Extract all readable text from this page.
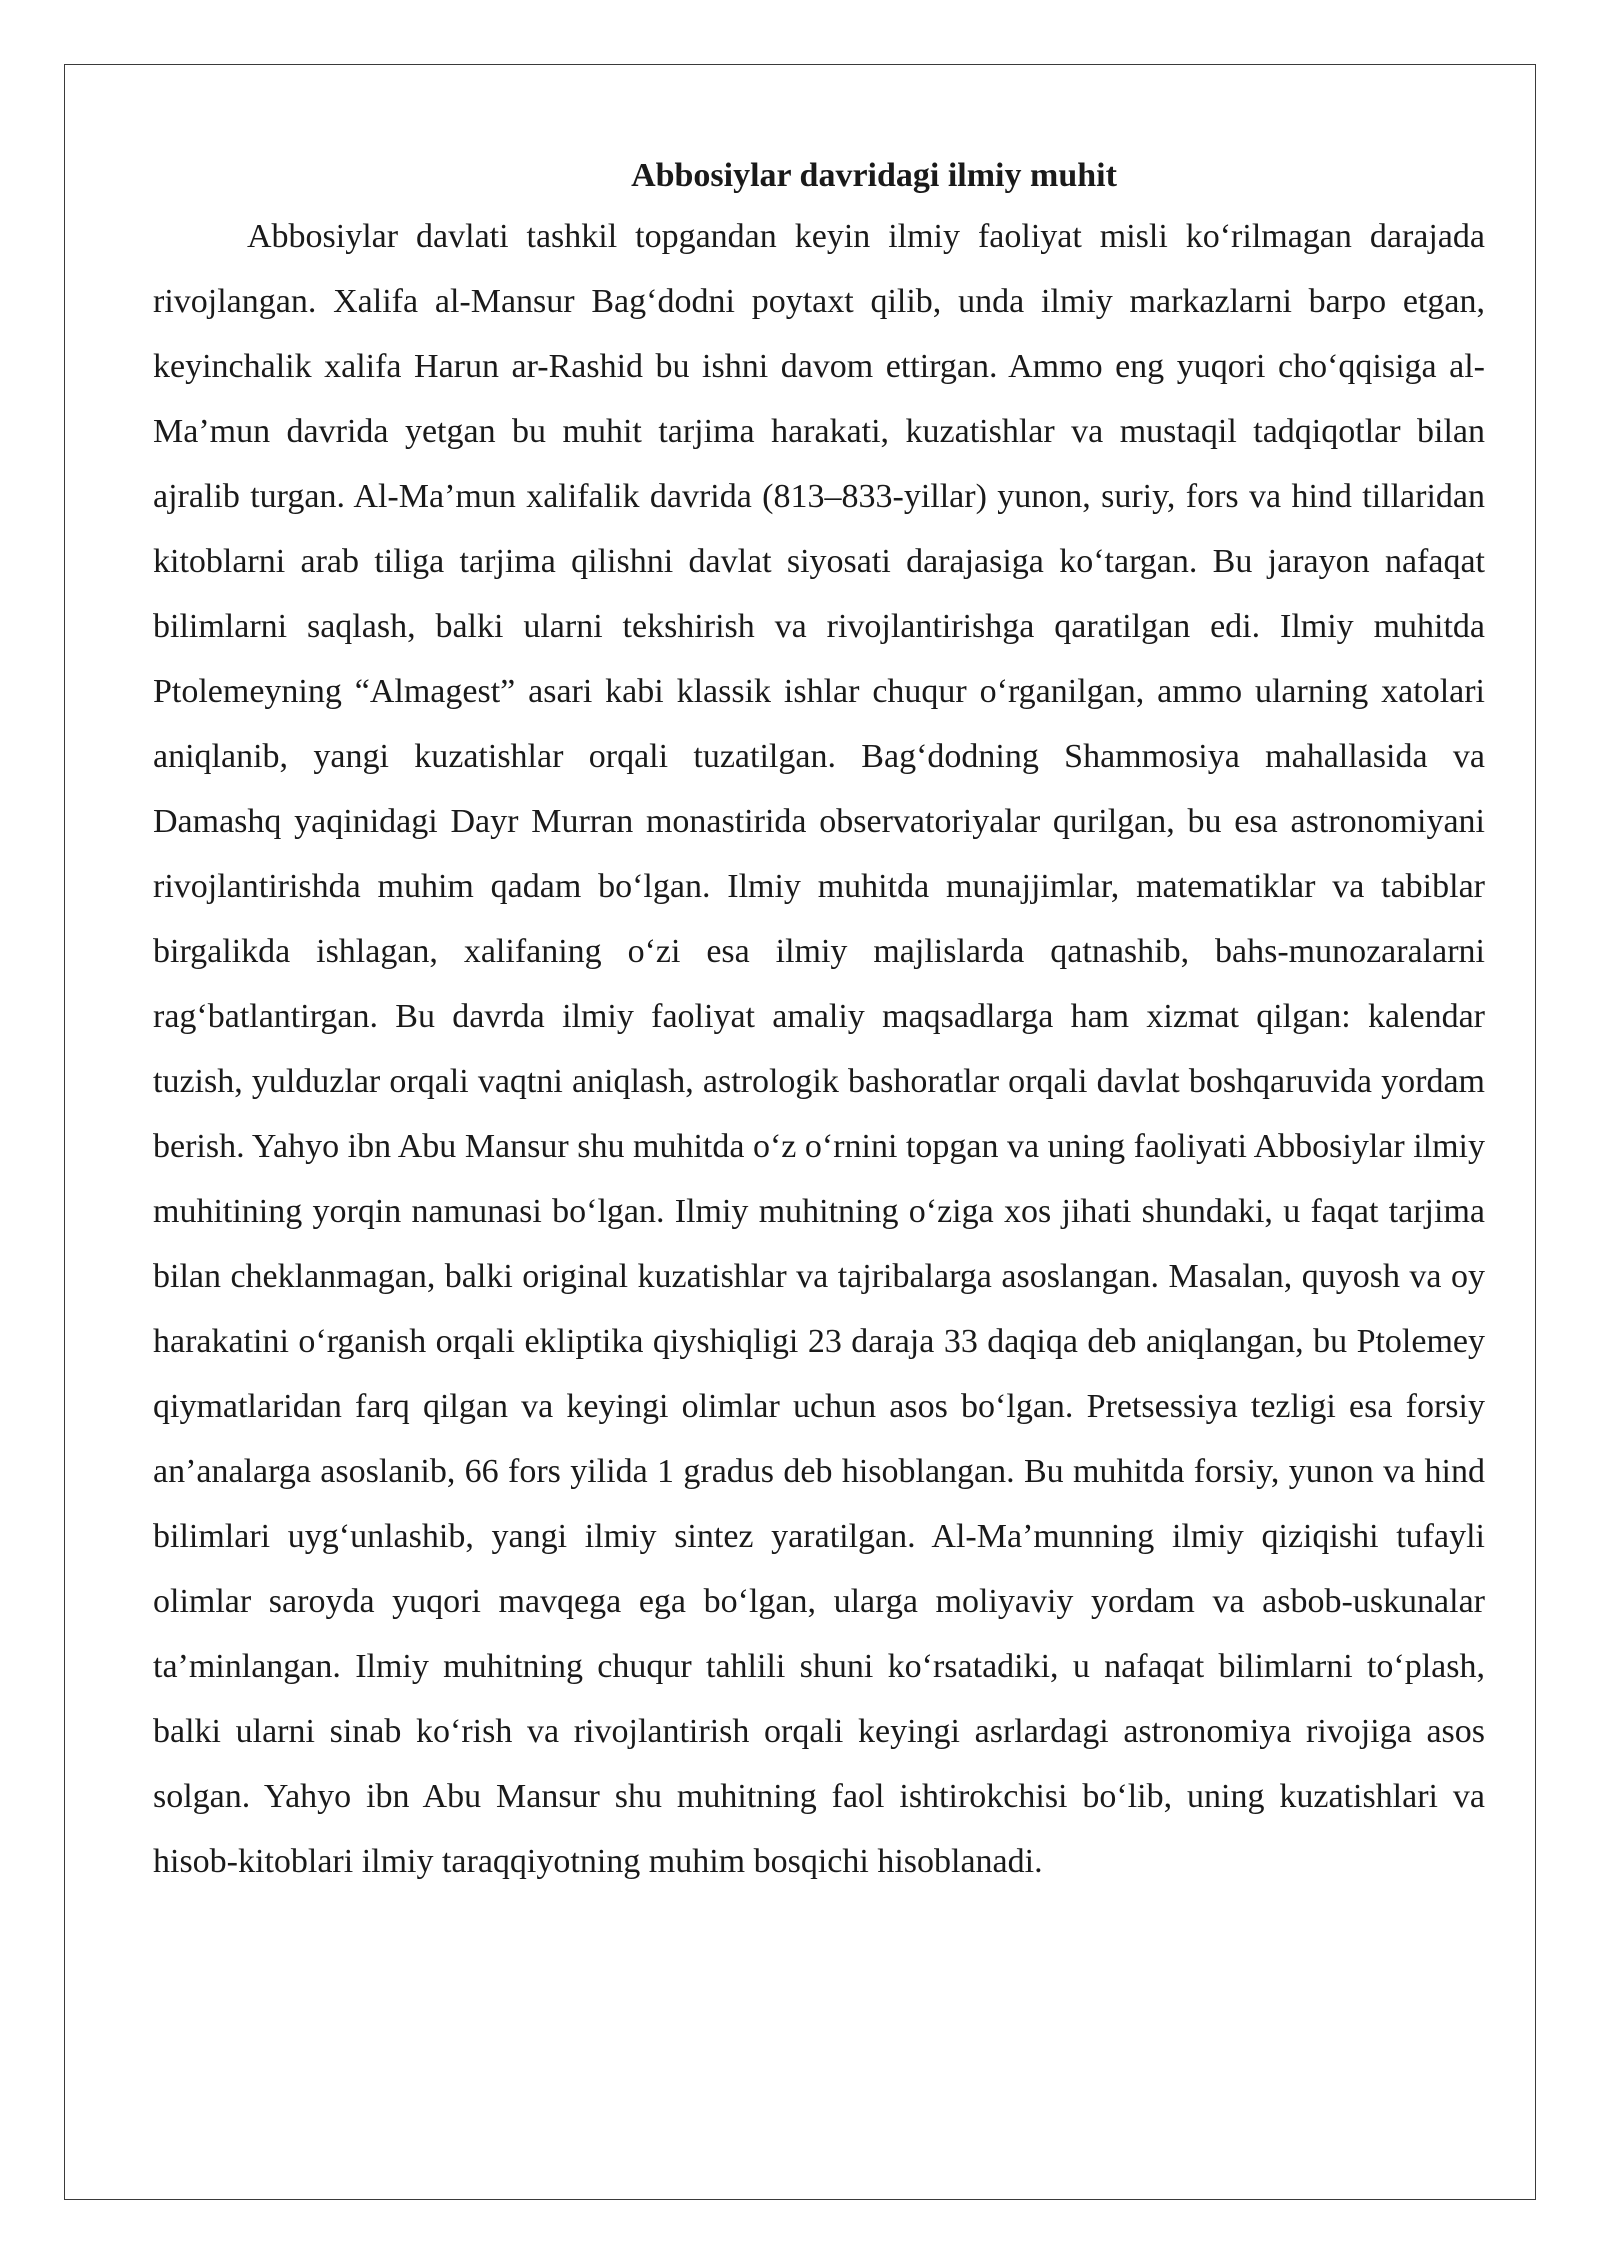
Abbosiylar davridagi ilmiy muhit

Abbosiylar davlati tashkil topgandan keyin ilmiy faoliyat misli ko‘rilmagan darajada rivojlangan. Xalifa al-Mansur Bag‘dodni poytaxt qilib, unda ilmiy markazlarni barpo etgan, keyinchalik xalifa Harun ar-Rashid bu ishni davom ettirgan. Ammo eng yuqori cho‘qqisiga al-Ma’mun davrida yetgan bu muhit tarjima harakati, kuzatishlar va mustaqil tadqiqotlar bilan ajralib turgan. Al-Ma’mun xalifalik davrida (813–833-yillar) yunon, suriy, fors va hind tillaridan kitoblarni arab tiliga tarjima qilishni davlat siyosati darajasiga ko‘targan. Bu jarayon nafaqat bilimlarni saqlash, balki ularni tekshirish va rivojlantirishga qaratilgan edi. Ilmiy muhitda Ptolemeyning “Almagest” asari kabi klassik ishlar chuqur o‘rganilgan, ammo ularning xatolari aniqlanib, yangi kuzatishlar orqali tuzatilgan. Bag‘dodning Shammosiya mahallasida va Damashq yaqinidagi Dayr Murran monastirida observatoriyalar qurilgan, bu esa astronomiyani rivojlantirishda muhim qadam bo‘lgan. Ilmiy muhitda munajjimlar, matematiklar va tabiblar birgalikda ishlagan, xalifaning o‘zi esa ilmiy majlislarda qatnashib, bahs-munozaralarni rag‘batlantirgan. Bu davrda ilmiy faoliyat amaliy maqsadlarga ham xizmat qilgan: kalendar tuzish, yulduzlar orqali vaqtni aniqlash, astrologik bashoratlar orqali davlat boshqaruvida yordam berish. Yahyo ibn Abu Mansur shu muhitda o‘z o‘rnini topgan va uning faoliyati Abbosiylar ilmiy muhitining yorqin namunasi bo‘lgan. Ilmiy muhitning o‘ziga xos jihati shundaki, u faqat tarjima bilan cheklanmagan, balki original kuzatishlar va tajribalarga asoslangan. Masalan, quyosh va oy harakatini o‘rganish orqali ekliptika qiyshiqligi 23 daraja 33 daqiqa deb aniqlangan, bu Ptolemey qiymatlaridan farq qilgan va keyingi olimlar uchun asos bo‘lgan. Pretsessiya tezligi esa forsiy an’analarga asoslanib, 66 fors yilida 1 gradus deb hisoblangan. Bu muhitda forsiy, yunon va hind bilimlari uyg‘unlashib, yangi ilmiy sintez yaratilgan. Al-Ma’munning ilmiy qiziqishi tufayli olimlar saroyda yuqori mavqega ega bo‘lgan, ularga moliyaviy yordam va asbob-uskunalar ta’minlangan. Ilmiy muhitning chuqur tahlili shuni ko‘rsatadiki, u nafaqat bilimlarni to‘plash, balki ularni sinab ko‘rish va rivojlantirish orqali keyingi asrlardagi astronomiya rivojiga asos solgan. Yahyo ibn Abu Mansur shu muhitning faol ishtirokchisi bo‘lib, uning kuzatishlari va hisob-kitoblari ilmiy taraqqiyotning muhim bosqichi hisoblanadi.
